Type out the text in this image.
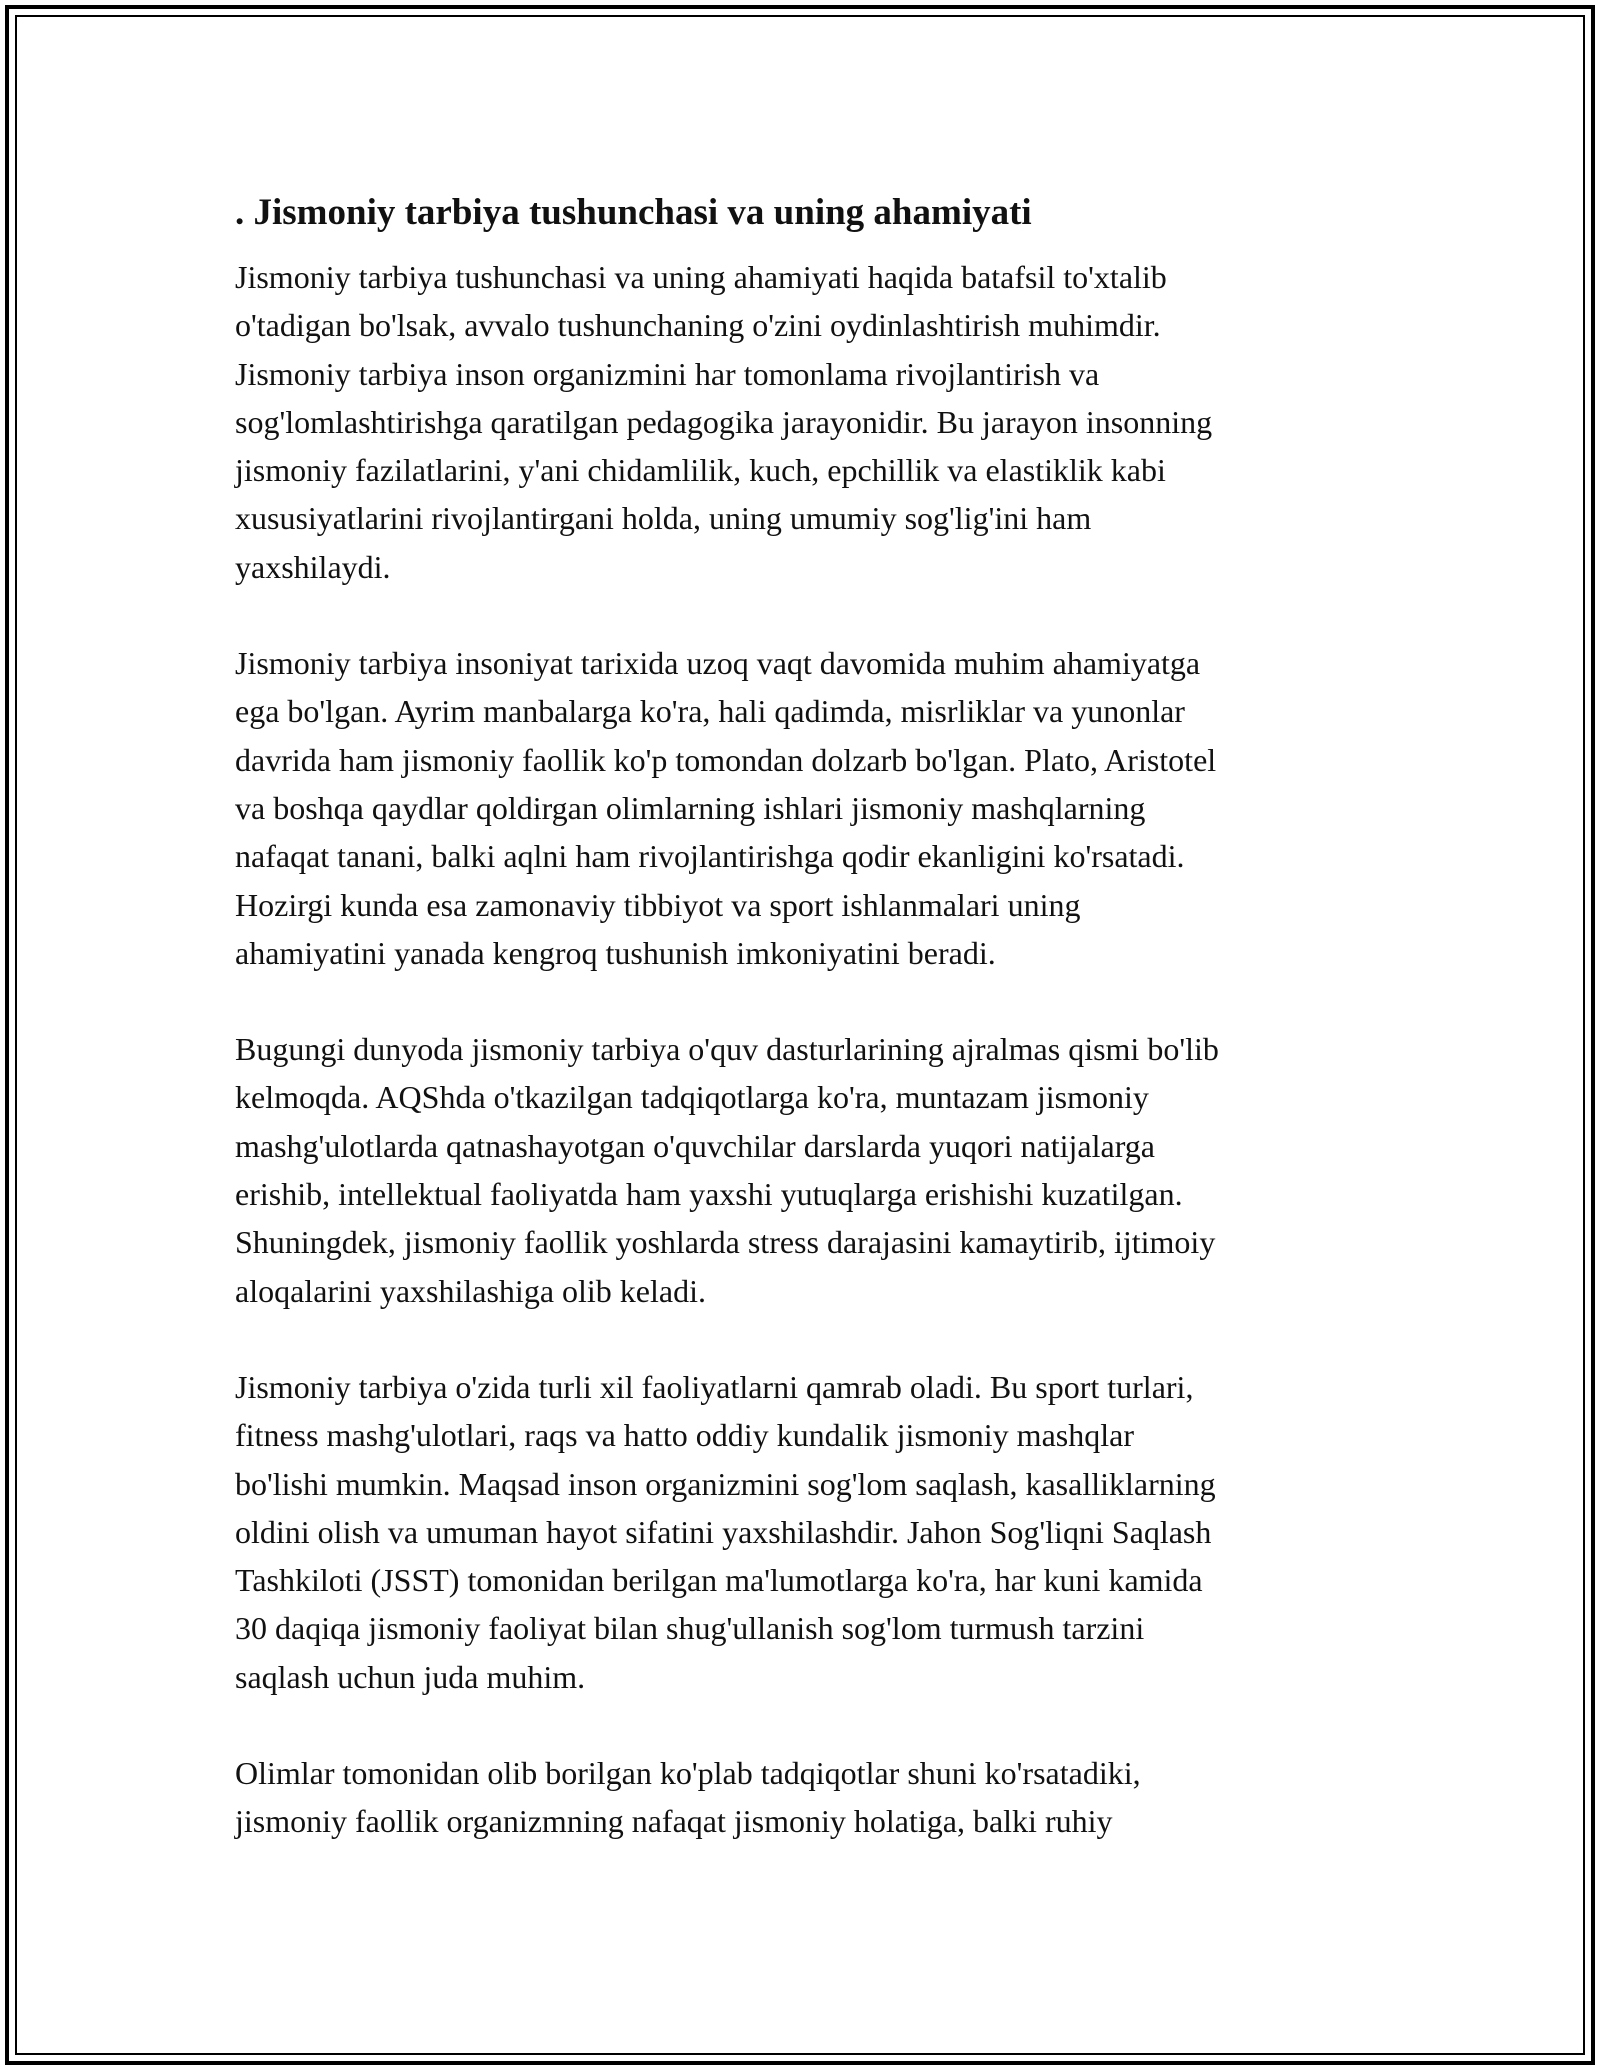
. Jismoniy tarbiya tushunchasi va uning ahamiyati
Jismoniy tarbiya tushunchasi va uning ahamiyati haqida batafsil to'xtalib
o'tadigan bo'lsak, avvalo tushunchaning o'zini oydinlashtirish muhimdir.
Jismoniy tarbiya inson organizmini har tomonlama rivojlantirish va
sog'lomlashtirishga qaratilgan pedagogika jarayonidir. Bu jarayon insonning
jismoniy fazilatlarini, y'ani chidamlilik, kuch, epchillik va elastiklik kabi
xususiyatlarini rivojlantirgani holda, uning umumiy sog'lig'ini ham
yaxshilaydi.
Jismoniy tarbiya insoniyat tarixida uzoq vaqt davomida muhim ahamiyatga
ega bo'lgan. Ayrim manbalarga ko'ra, hali qadimda, misrliklar va yunonlar
davrida ham jismoniy faollik ko'p tomondan dolzarb bo'lgan. Plato, Aristotel
va boshqa qaydlar qoldirgan olimlarning ishlari jismoniy mashqlarning
nafaqat tanani, balki aqlni ham rivojlantirishga qodir ekanligini ko'rsatadi.
Hozirgi kunda esa zamonaviy tibbiyot va sport ishlanmalari uning
ahamiyatini yanada kengroq tushunish imkoniyatini beradi.
Bugungi dunyoda jismoniy tarbiya o'quv dasturlarining ajralmas qismi bo'lib
kelmoqda. AQShda o'tkazilgan tadqiqotlarga ko'ra, muntazam jismoniy
mashg'ulotlarda qatnashayotgan o'quvchilar darslarda yuqori natijalarga
erishib, intellektual faoliyatda ham yaxshi yutuqlarga erishishi kuzatilgan.
Shuningdek, jismoniy faollik yoshlarda stress darajasini kamaytirib, ijtimoiy
aloqalarini yaxshilashiga olib keladi.
Jismoniy tarbiya o'zida turli xil faoliyatlarni qamrab oladi. Bu sport turlari,
fitness mashg'ulotlari, raqs va hatto oddiy kundalik jismoniy mashqlar
bo'lishi mumkin. Maqsad inson organizmini sog'lom saqlash, kasalliklarning
oldini olish va umuman hayot sifatini yaxshilashdir. Jahon Sog'liqni Saqlash
Tashkiloti (JSST) tomonidan berilgan ma'lumotlarga ko'ra, har kuni kamida
30 daqiqa jismoniy faoliyat bilan shug'ullanish sog'lom turmush tarzini
saqlash uchun juda muhim.
Olimlar tomonidan olib borilgan ko'plab tadqiqotlar shuni ko'rsatadiki,
jismoniy faollik organizmning nafaqat jismoniy holatiga, balki ruhiy
